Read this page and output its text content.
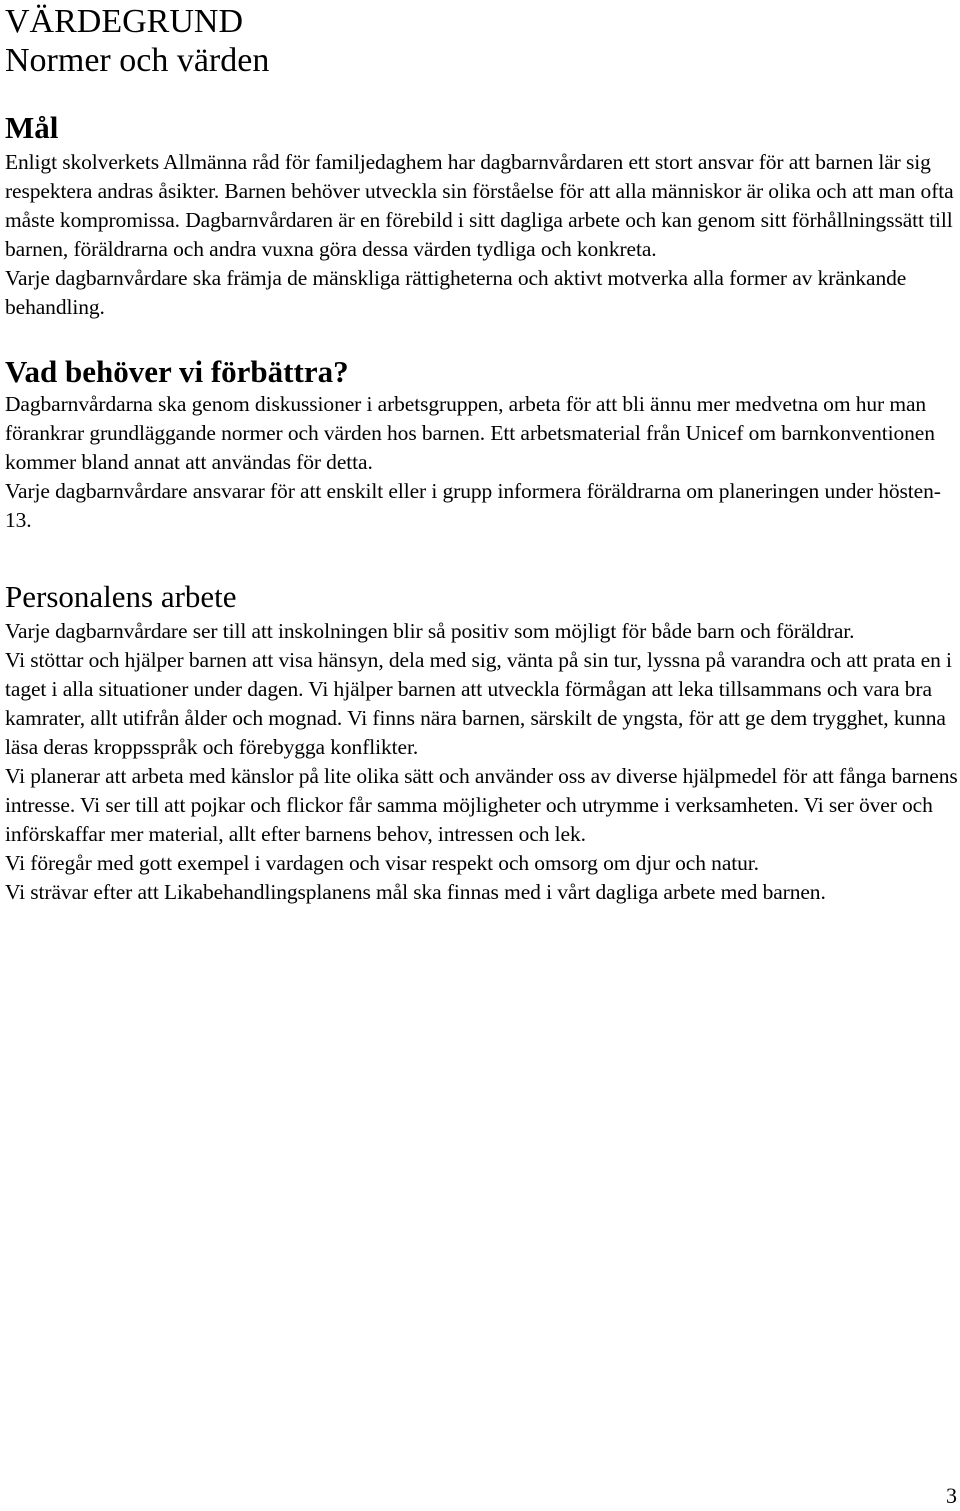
VÄRDEGRUND
Normer och värden
Mål

Enligt skolverkets Allmänna råd för familjedaghem har dagbarnvårdaren ett stort ansvar för att barnen lär sig respektera andras åsikter. Barnen behöver utveckla sin förståelse för att alla människor är olika och att man ofta måste kompromissa. Dagbarnvårdaren är en förebild i sitt dagliga arbete och kan genom sitt förhållningssätt till barnen, föräldrarna och andra vuxna göra dessa värden tydliga och konkreta.

Varje dagbarnvårdare ska främja de mänskliga rättigheterna och aktivt motverka alla former av kränkande behandling.

Vad behöver vi förbättra?

Dagbarnvårdarna ska genom diskussioner i arbetsgruppen, arbeta för att bli ännu mer medvetna om hur man förankrar grundläggande normer och värden hos barnen. Ett arbetsmaterial från Unicef om barnkonventionen kommer bland annat att användas för detta.

Varje dagbarnvårdare ansvarar för att enskilt eller i grupp informera föräldrarna om planeringen under hösten-13.

Personalens arbete

Varje dagbarnvårdare ser till att inskolningen blir så positiv som möjligt för både barn och föräldrar.

Vi stöttar och hjälper barnen att visa hänsyn, dela med sig, vänta på sin tur, lyssna på varandra och att prata en i taget i alla situationer under dagen. Vi hjälper barnen att utveckla förmågan att leka tillsammans och vara bra kamrater, allt utifrån ålder och mognad. Vi finns nära barnen, särskilt de yngsta, för att ge dem trygghet, kunna läsa deras kroppsspråk och förebygga konflikter.

Vi planerar att arbeta med känslor på lite olika sätt och använder oss av diverse hjälpmedel för att fånga barnens intresse. Vi ser till att pojkar och flickor får samma möjligheter och utrymme i verksamheten. Vi ser över och införskaffar mer material, allt efter barnens behov, intressen och lek.

Vi föregår med gott exempel i vardagen och visar respekt och omsorg om djur och natur.

Vi strävar efter att Likabehandlingsplanens mål ska finnas med i vårt dagliga arbete med barnen.

3
